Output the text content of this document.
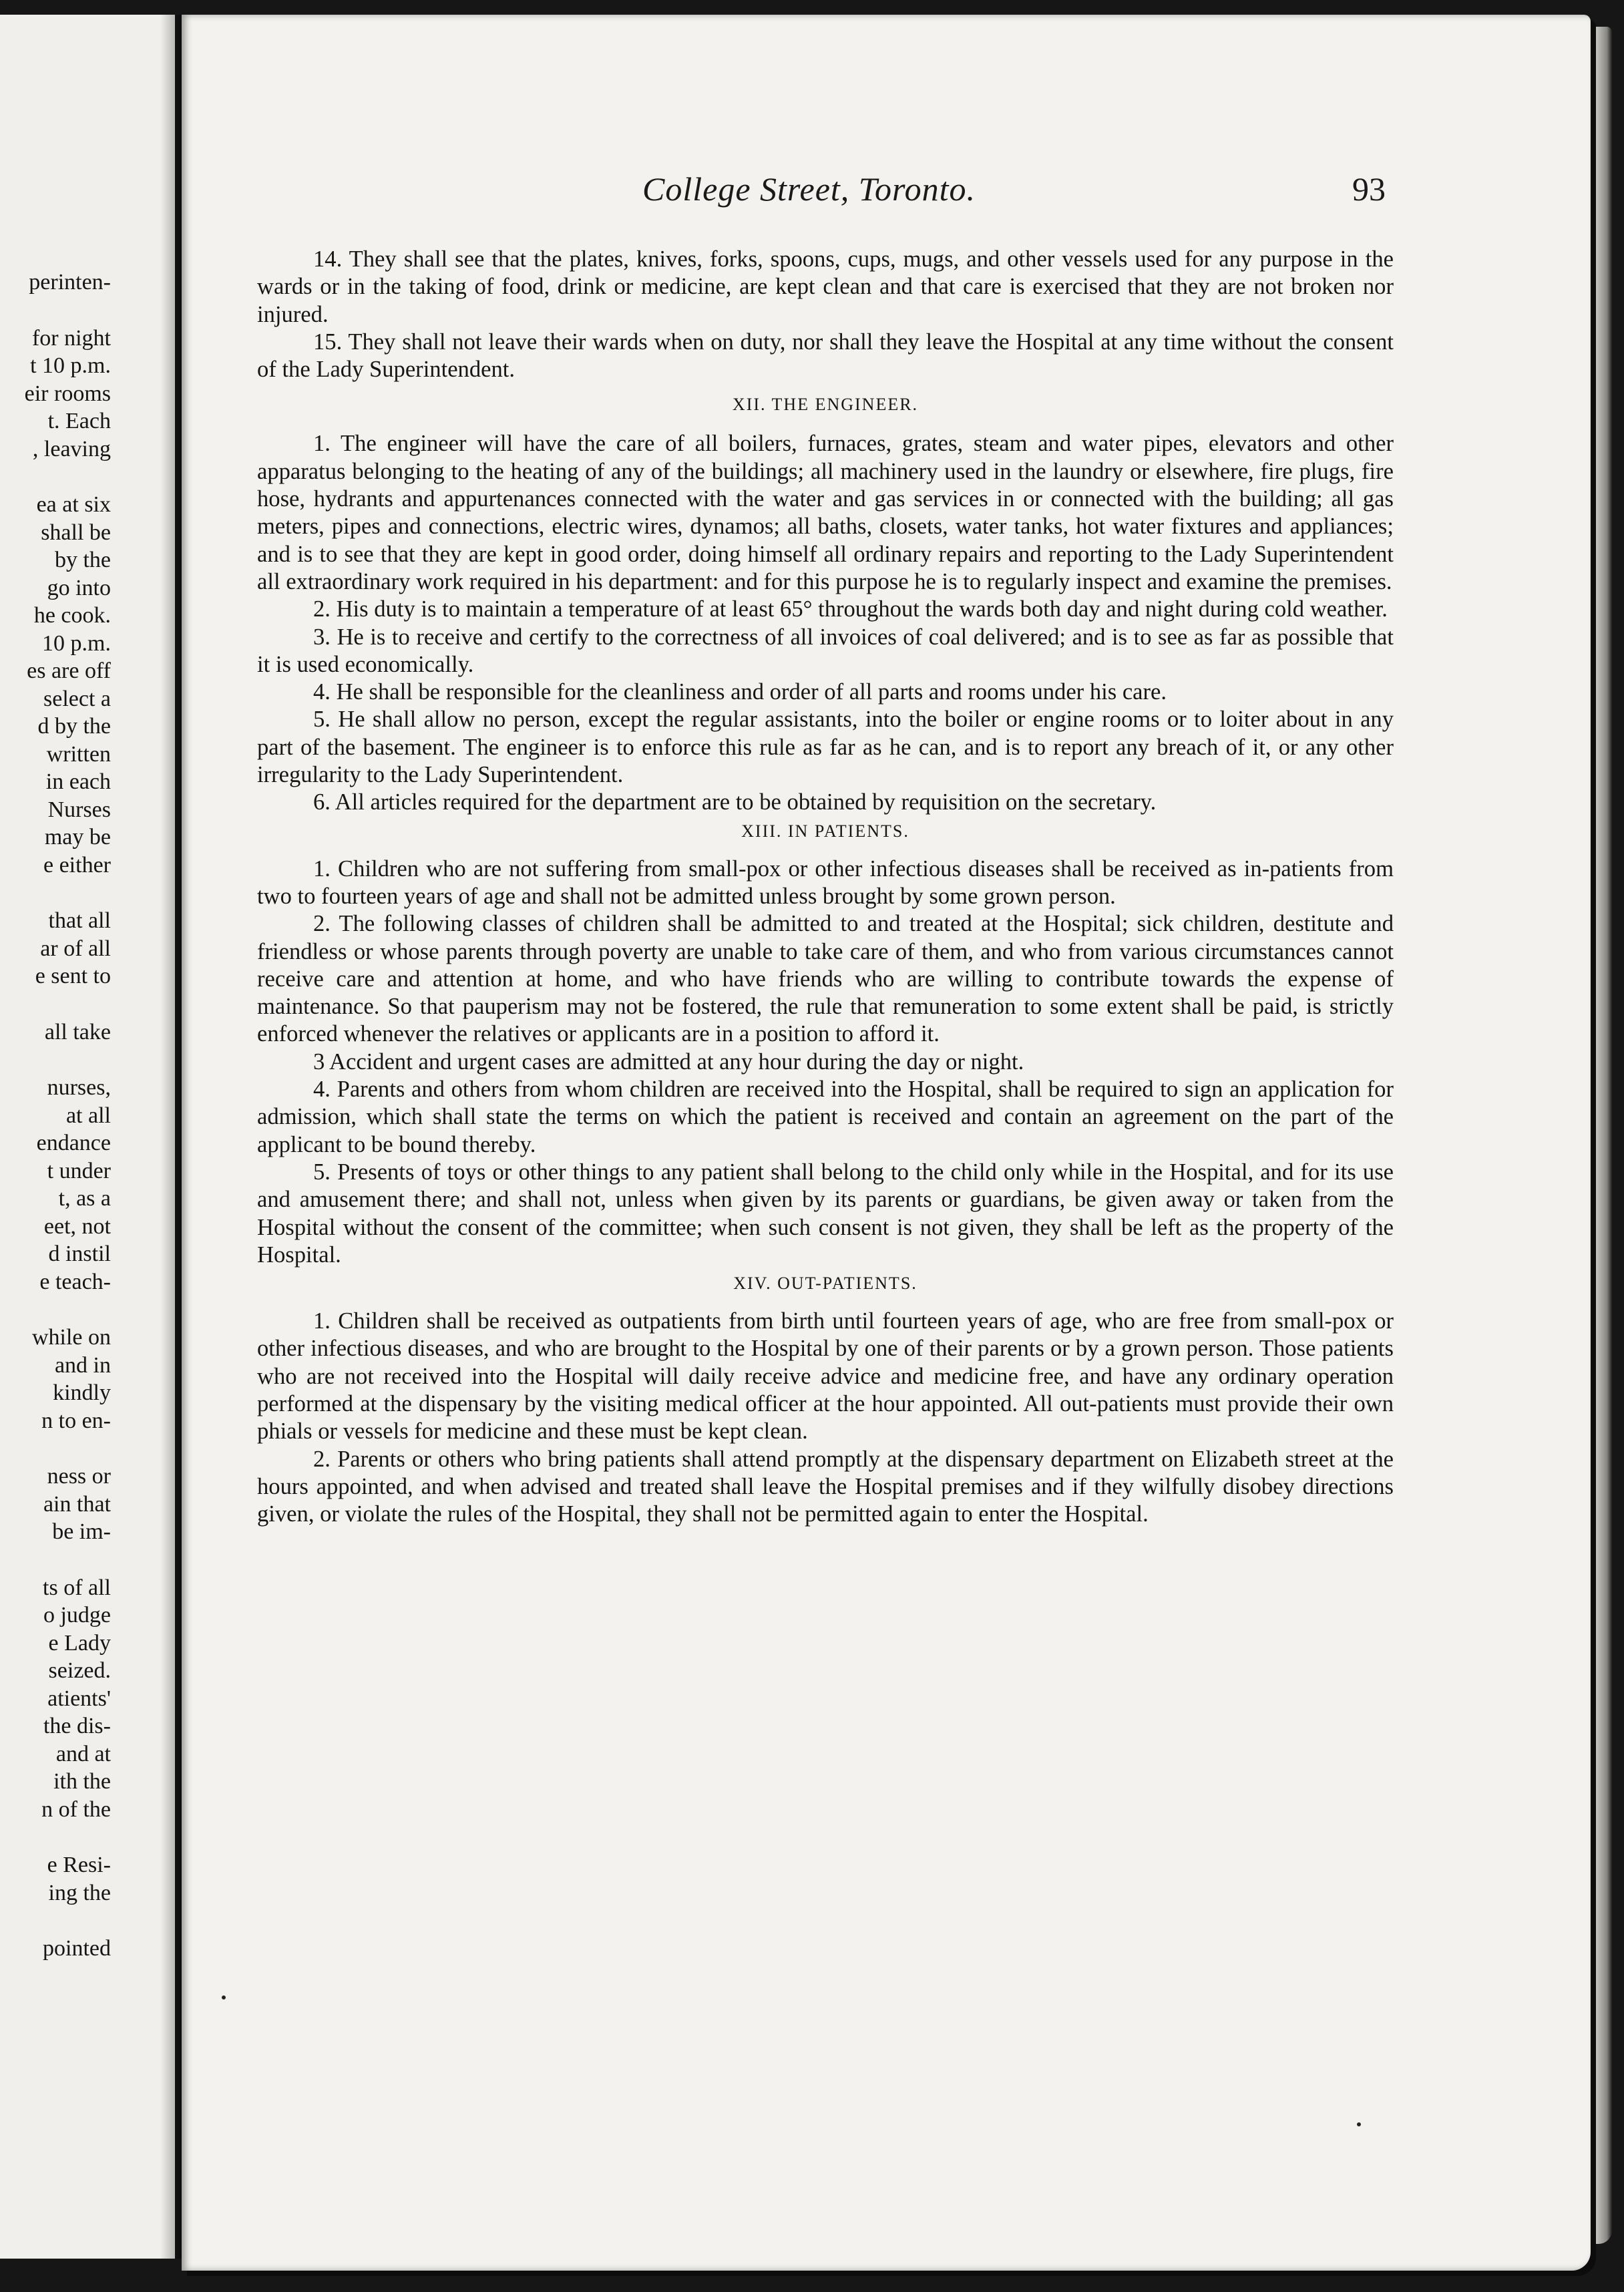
perinten-
for night
t 10 p.m.
eir rooms
t. Each
, leaving
ea at six
shall be
by the
go into
he cook.
10 p.m.
es are off
select a
d by the
written
in each
Nurses
may be
e either
that all
ar of all
e sent to
all take
nurses,
at all
endance
t under
t, as a
eet, not
d instil
e teach-
while on
and in
kindly
n to en-
ness or
ain that
be im-
ts of all
o judge
e Lady
seized.
atients'
the dis-
and at
ith the
n of the
e Resi-
ing the
pointed
College Street, Toronto.	93

14. They shall see that the plates, knives, forks, spoons, cups, mugs, and other vessels used for any purpose in the wards or in the taking of food, drink or medicine, are kept clean and that care is exercised that they are not broken nor injured.

15. They shall not leave their wards when on duty, nor shall they leave the Hospital at any time without the consent of the Lady Superintendent.

XII. THE ENGINEER.

1. The engineer will have the care of all boilers, furnaces, grates, steam and water pipes, elevators and other apparatus belonging to the heating of any of the buildings; all machinery used in the laundry or elsewhere, fire plugs, fire hose, hydrants and appurtenances connected with the water and gas services in or connected with the building; all gas meters, pipes and connections, electric wires, dynamos; all baths, closets, water tanks, hot water fixtures and appliances; and is to see that they are kept in good order, doing himself all ordinary repairs and reporting to the Lady Superintendent all extraordinary work required in his department: and for this purpose he is to regularly inspect and examine the premises.

2. His duty is to maintain a temperature of at least 65° throughout the wards both day and night during cold weather.

3. He is to receive and certify to the correctness of all invoices of coal delivered; and is to see as far as possible that it is used economically.

4. He shall be responsible for the cleanliness and order of all parts and rooms under his care.

5. He shall allow no person, except the regular assistants, into the boiler or engine rooms or to loiter about in any part of the basement. The engineer is to enforce this rule as far as he can, and is to report any breach of it, or any other irregularity to the Lady Superintendent.

6. All articles required for the department are to be obtained by requisition on the secretary.

XIII. IN PATIENTS.

1. Children who are not suffering from small-pox or other infectious diseases shall be received as in-patients from two to fourteen years of age and shall not be admitted unless brought by some grown person.

2. The following classes of children shall be admitted to and treated at the Hospital; sick children, destitute and friendless or whose parents through poverty are unable to take care of them, and who from various circumstances cannot receive care and attention at home, and who have friends who are willing to contribute towards the expense of maintenance. So that pauperism may not be fostered, the rule that remuneration to some extent shall be paid, is strictly enforced whenever the relatives or applicants are in a position to afford it.

3 Accident and urgent cases are admitted at any hour during the day or night.

4. Parents and others from whom children are received into the Hospital, shall be required to sign an application for admission, which shall state the terms on which the patient is received and contain an agreement on the part of the applicant to be bound thereby.

5. Presents of toys or other things to any patient shall belong to the child only while in the Hospital, and for its use and amusement there; and shall not, unless when given by its parents or guardians, be given away or taken from the Hospital without the consent of the committee; when such consent is not given, they shall be left as the property of the Hospital.

XIV. OUT-PATIENTS.

1. Children shall be received as outpatients from birth until fourteen years of age, who are free from small-pox or other infectious diseases, and who are brought to the Hospital by one of their parents or by a grown person. Those patients who are not received into the Hospital will daily receive advice and medicine free, and have any ordinary operation performed at the dispensary by the visiting medical officer at the hour appointed. All out-patients must provide their own phials or vessels for medicine and these must be kept clean.

2. Parents or others who bring patients shall attend promptly at the dispensary department on Elizabeth street at the hours appointed, and when advised and treated shall leave the Hospital premises and if they wilfully disobey directions given, or violate the rules of the Hospital, they shall not be permitted again to enter the Hospital.
